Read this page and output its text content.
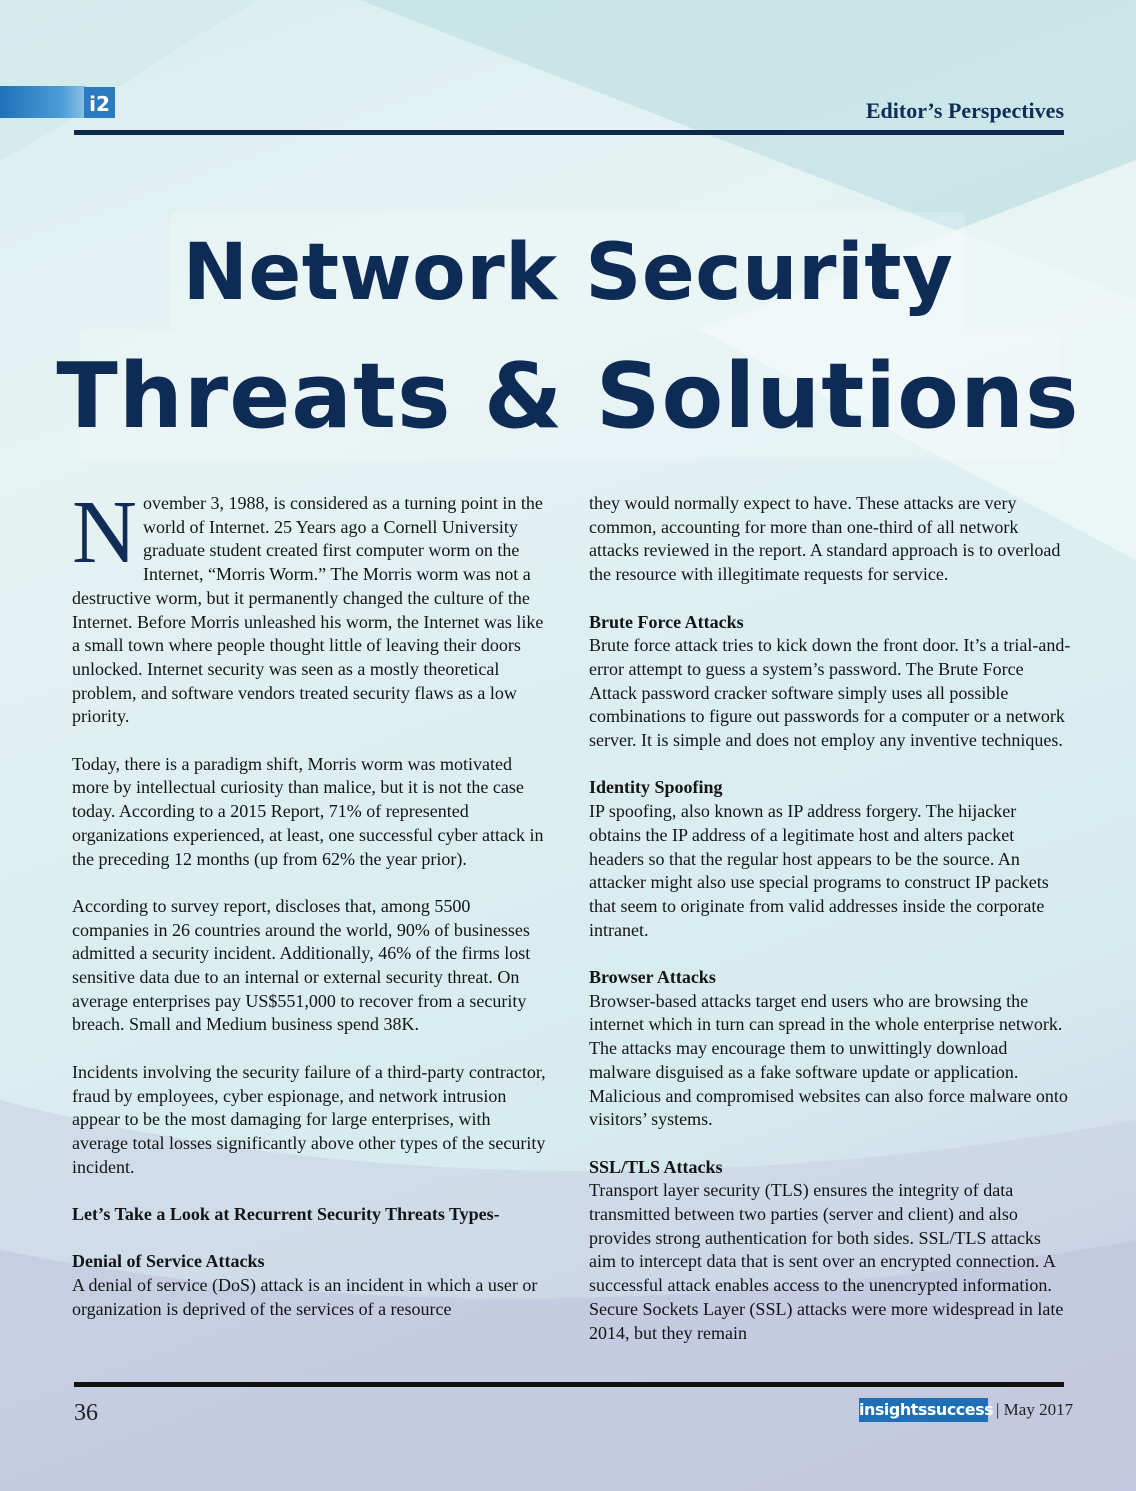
i2	Editor’s Perspectives
Network Security
Threats & Solutions

November 3, 1988, is considered as a turning point in the world of Internet. 25 Years ago a Cornell University graduate student created first computer worm on the Internet, “Morris Worm.” The Morris worm was not a destructive worm, but it permanently changed the culture of the Internet. Before Morris unleashed his worm, the Internet was like a small town where people thought little of leaving their doors unlocked. Internet security was seen as a mostly theoretical problem, and software vendors treated security flaws as a low priority.

Today, there is a paradigm shift, Morris worm was motivated more by intellectual curiosity than malice, but it is not the case today. According to a 2015 Report, 71% of represented organizations experienced, at least, one successful cyber attack in the preceding 12 months (up from 62% the year prior).

According to survey report, discloses that, among 5500 companies in 26 countries around the world, 90% of businesses admitted a security incident. Additionally, 46% of the firms lost sensitive data due to an internal or external security threat. On average enterprises pay US$551,000 to recover from a security breach. Small and Medium business spend 38K.

Incidents involving the security failure of a third-party contractor, fraud by employees, cyber espionage, and network intrusion appear to be the most damaging for large enterprises, with average total losses significantly above other types of the security incident.

Let’s Take a Look at Recurrent Security Threats Types-

Denial of Service Attacks

A denial of service (DoS) attack is an incident in which a user or organization is deprived of the services of a resource

they would normally expect to have. These attacks are very common, accounting for more than one-third of all network attacks reviewed in the report. A standard approach is to overload the resource with illegitimate requests for service.

Brute Force Attacks

Brute force attack tries to kick down the front door. It’s a trial-and-error attempt to guess a system’s password. The Brute Force Attack password cracker software simply uses all possible combinations to figure out passwords for a computer or a network server. It is simple and does not employ any inventive techniques.

Identity Spoofing

IP spoofing, also known as IP address forgery. The hijacker obtains the IP address of a legitimate host and alters packet headers so that the regular host appears to be the source. An attacker might also use special programs to construct IP packets that seem to originate from valid addresses inside the corporate intranet.

Browser Attacks

Browser-based attacks target end users who are browsing the internet which in turn can spread in the whole enterprise network. The attacks may encourage them to unwittingly download malware disguised as a fake software update or application. Malicious and compromised websites can also force malware onto visitors’ systems.

SSL/TLS Attacks

Transport layer security (TLS) ensures the integrity of data transmitted between two parties (server and client) and also provides strong authentication for both sides. SSL/TLS attacks aim to intercept data that is sent over an encrypted connection. A successful attack enables access to the unencrypted information. Secure Sockets Layer (SSL) attacks were more widespread in late 2014, but they remain

36	insightssuccess | May 2017
